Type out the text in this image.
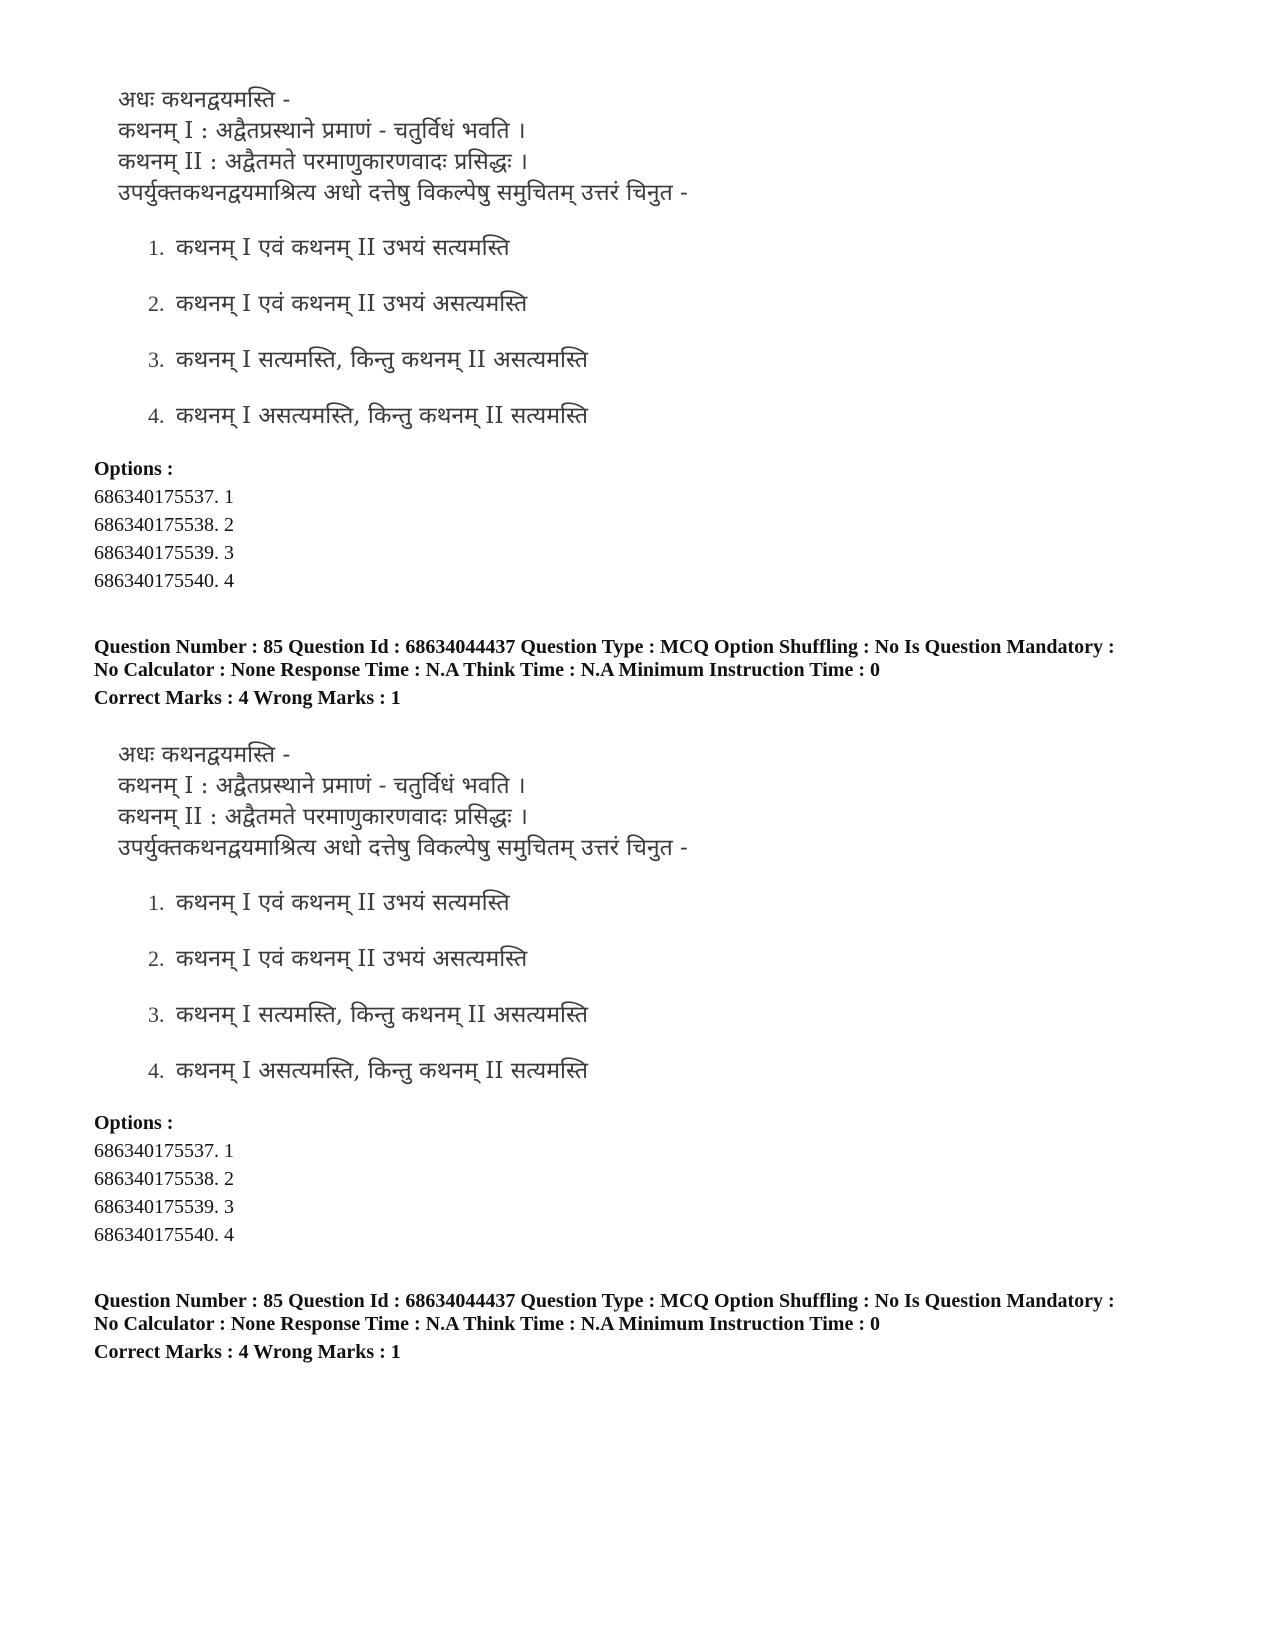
अधः कथनद्वयमस्ति -
कथनम् I : अद्वैतप्रस्थाने प्रमाणं - चतुर्विधं भवति ।
कथनम् II : अद्वैतमते परमाणुकारणवादः प्रसिद्धः ।
उपर्युक्तकथनद्वयमाश्रित्य अधो दत्तेषु विकल्पेषु समुचितम् उत्तरं चिनुत -
1. कथनम् I एवं कथनम् II उभयं सत्यमस्ति
2. कथनम् I एवं कथनम् II उभयं असत्यमस्ति
3. कथनम् I सत्यमस्ति, किन्तु कथनम् II असत्यमस्ति
4. कथनम् I असत्यमस्ति, किन्तु कथनम् II सत्यमस्ति
Options :
686340175537. 1
686340175538. 2
686340175539. 3
686340175540. 4
Question Number : 85 Question Id : 68634044437 Question Type : MCQ Option Shuffling : No Is Question Mandatory :
No Calculator : None Response Time : N.A Think Time : N.A Minimum Instruction Time : 0
Correct Marks : 4 Wrong Marks : 1
अधः कथनद्वयमस्ति -
कथनम् I : अद्वैतप्रस्थाने प्रमाणं - चतुर्विधं भवति ।
कथनम् II : अद्वैतमते परमाणुकारणवादः प्रसिद्धः ।
उपर्युक्तकथनद्वयमाश्रित्य अधो दत्तेषु विकल्पेषु समुचितम् उत्तरं चिनुत -
1. कथनम् I एवं कथनम् II उभयं सत्यमस्ति
2. कथनम् I एवं कथनम् II उभयं असत्यमस्ति
3. कथनम् I सत्यमस्ति, किन्तु कथनम् II असत्यमस्ति
4. कथनम् I असत्यमस्ति, किन्तु कथनम् II सत्यमस्ति
Options :
686340175537. 1
686340175538. 2
686340175539. 3
686340175540. 4
Question Number : 85 Question Id : 68634044437 Question Type : MCQ Option Shuffling : No Is Question Mandatory :
No Calculator : None Response Time : N.A Think Time : N.A Minimum Instruction Time : 0
Correct Marks : 4 Wrong Marks : 1
